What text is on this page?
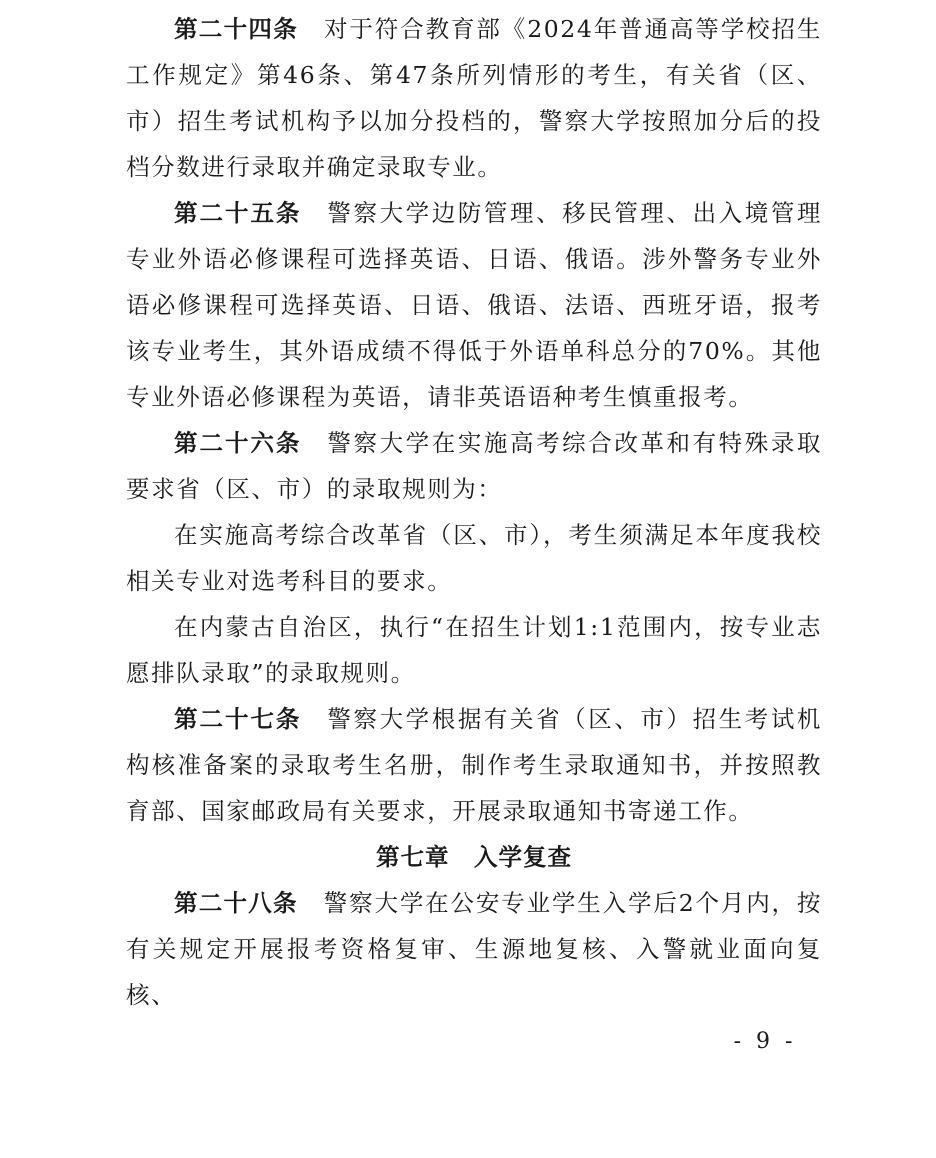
第二十四条 对于符合教育部《2024年普通高等学校招生工作规定》第46条、第47条所列情形的考生，有关省（区、市）招生考试机构予以加分投档的，警察大学按照加分后的投档分数进行录取并确定录取专业。

第二十五条 警察大学边防管理、移民管理、出入境管理专业外语必修课程可选择英语、日语、俄语。涉外警务专业外语必修课程可选择英语、日语、俄语、法语、西班牙语，报考该专业考生，其外语成绩不得低于外语单科总分的70%。其他专业外语必修课程为英语，请非英语语种考生慎重报考。

第二十六条 警察大学在实施高考综合改革和有特殊录取要求省（区、市）的录取规则为：

在实施高考综合改革省（区、市），考生须满足本年度我校相关专业对选考科目的要求。

在内蒙古自治区，执行“在招生计划1:1范围内，按专业志愿排队录取”的录取规则。

第二十七条 警察大学根据有关省（区、市）招生考试机构核准备案的录取考生名册，制作考生录取通知书，并按照教育部、国家邮政局有关要求，开展录取通知书寄递工作。

第七章　入学复查

第二十八条 警察大学在公安专业学生入学后2个月内，按有关规定开展报考资格复审、生源地复核、入警就业面向复核、

- 9 -
